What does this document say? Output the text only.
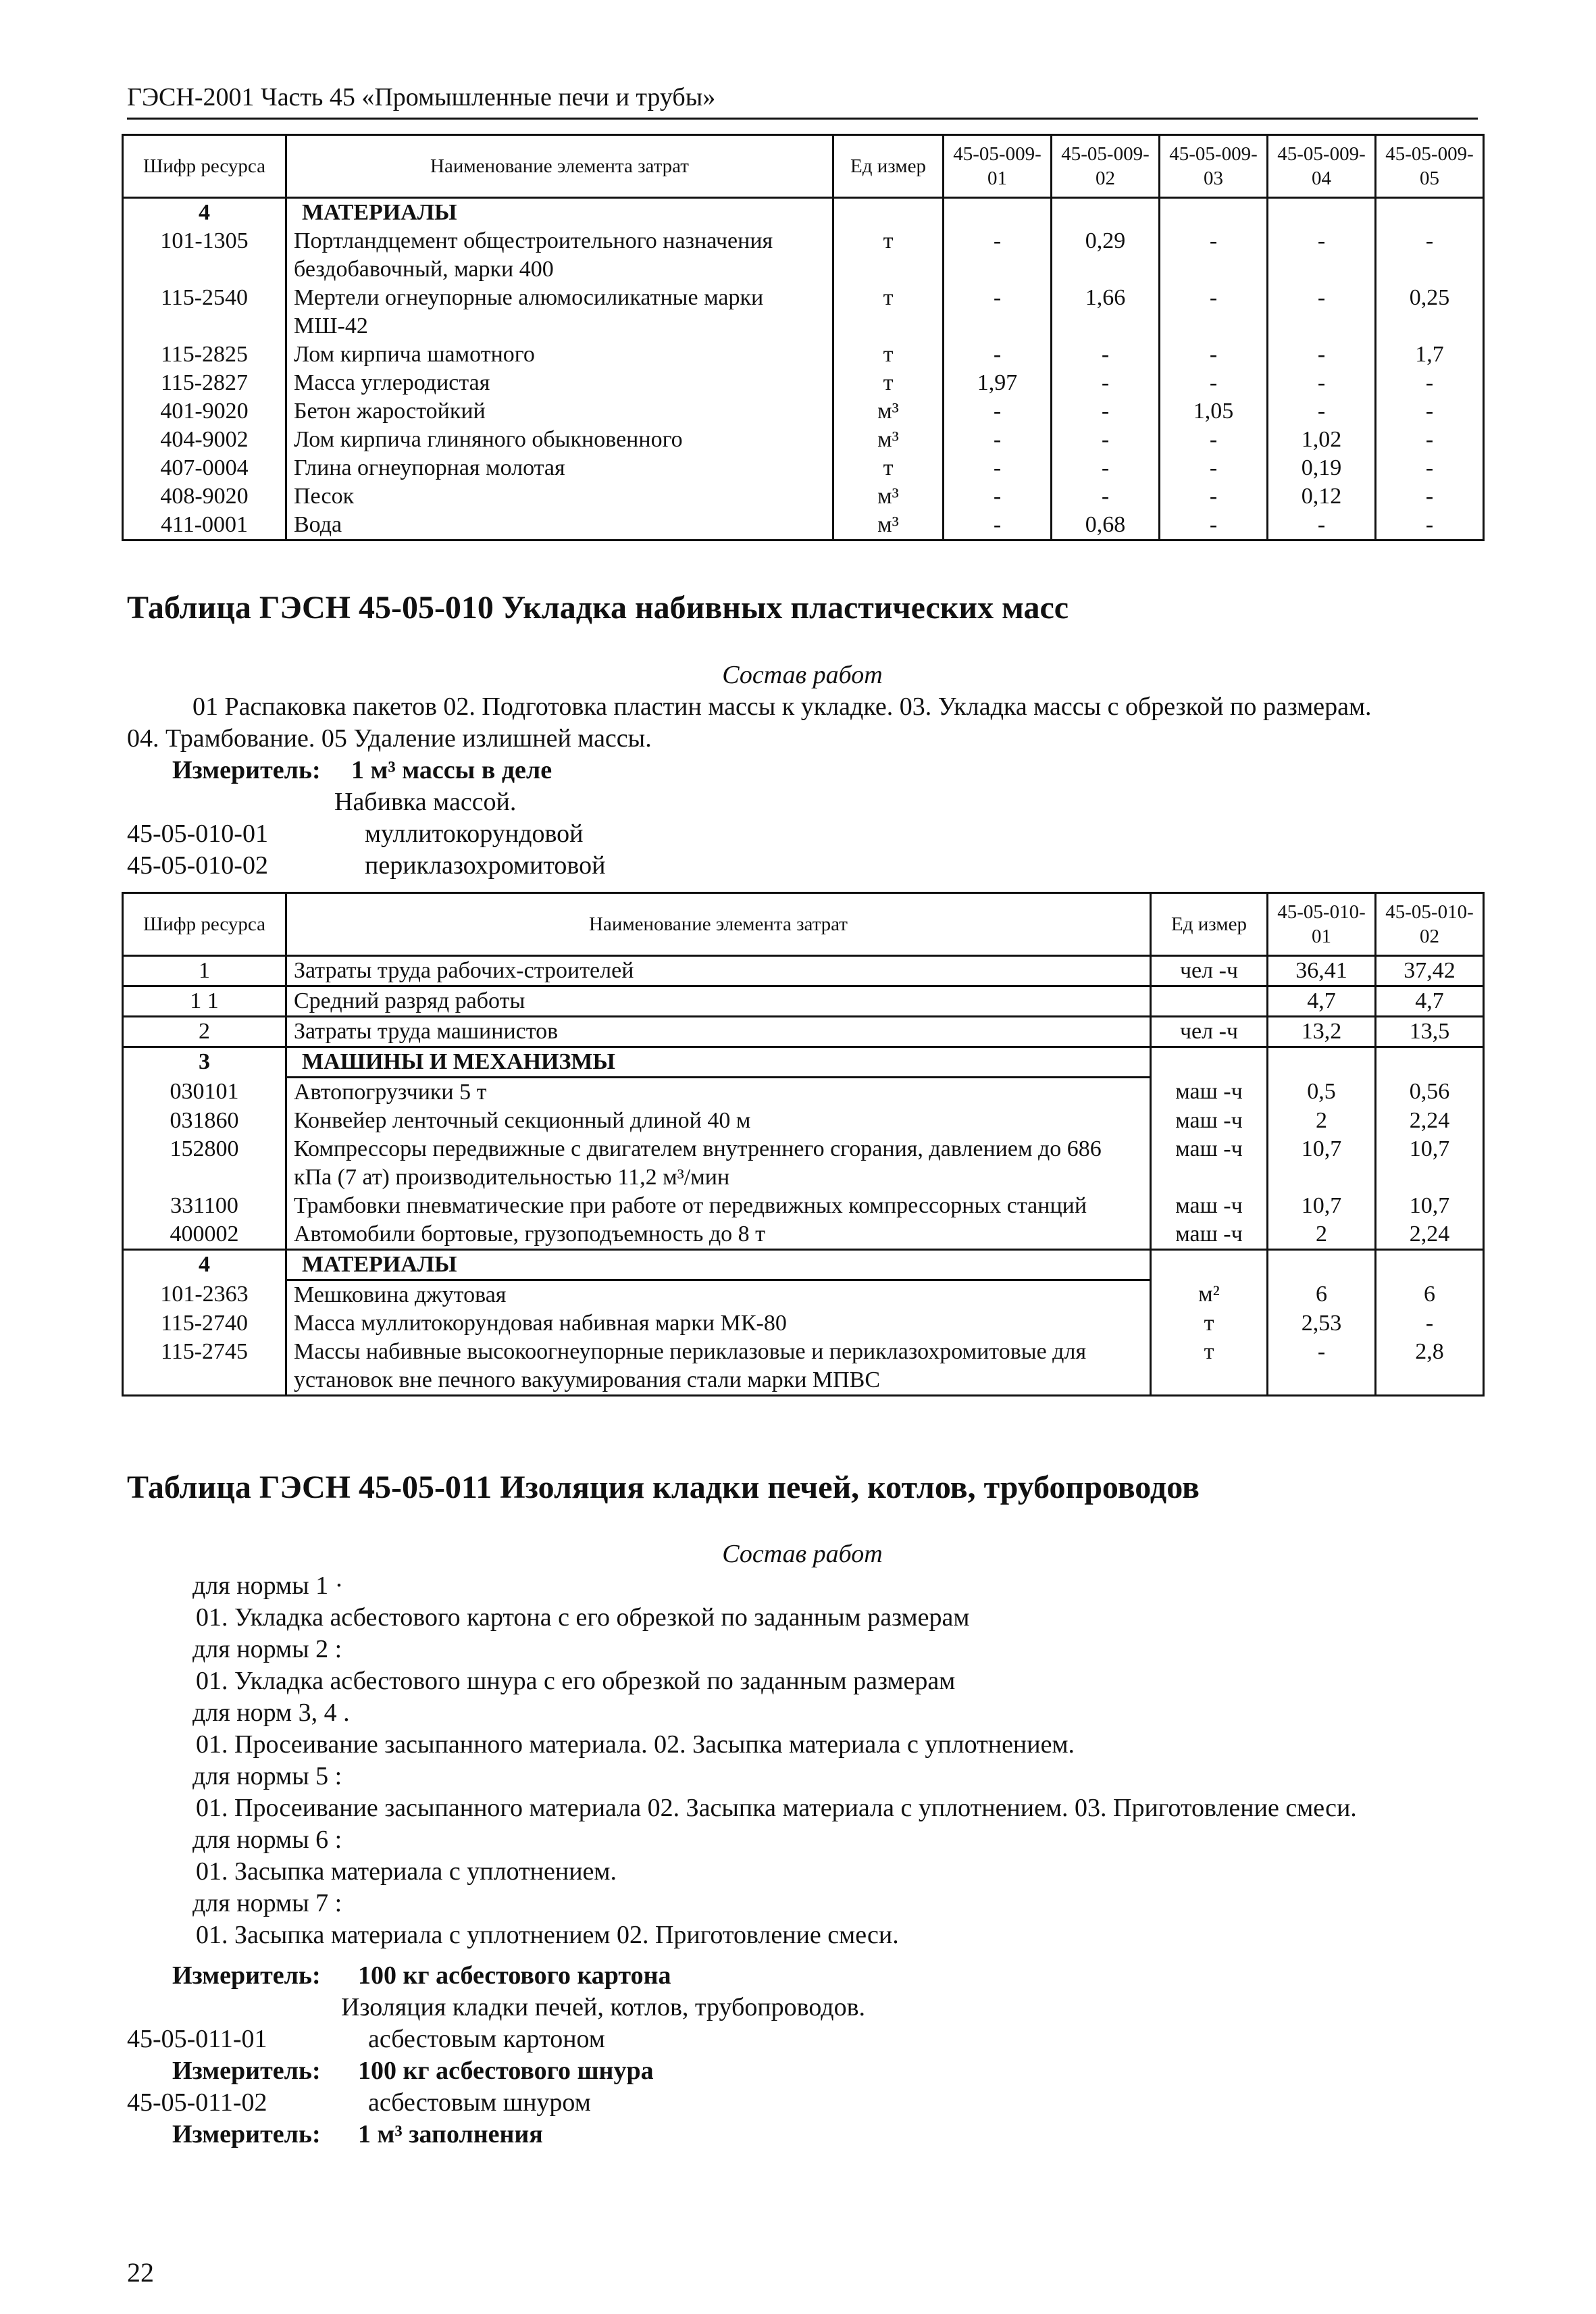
ГЭСН-2001 Часть 45 «Промышленные печи и трубы»
Шифр ресурса	Наименование элемента затрат	Ед измер	45-05-009-01	45-05-009-02	45-05-009-03	45-05-009-04	45-05-009-05
4	МАТЕРИАЛЫ						
101-1305	Портландцемент общестроительного назначения бездобавочный, марки 400	т	-	0,29	-	-	-
115-2540	Мертели огнеупорные алюмосиликатные марки МШ-42	т	-	1,66	-	-	0,25
115-2825	Лом кирпича шамотного	т	-	-	-	-	1,7
115-2827	Масса углеродистая	т	1,97	-	-	-	-
401-9020	Бетон жаростойкий	м³	-	-	1,05	-	-
404-9002	Лом кирпича глиняного обыкновенного	м³	-	-	-	1,02	-
407-0004	Глина огнеупорная молотая	т	-	-	-	0,19	-
408-9020	Песок	м³	-	-	-	0,12	-
411-0001	Вода	м³	-	0,68	-	-	-
Таблица ГЭСН 45-05-010 Укладка набивных пластических масс
Состав работ
01 Распаковка пакетов 02. Подготовка пластин массы к укладке. 03. Укладка массы с обрезкой по размерам.
04. Трамбование. 05 Удаление излишней массы.
Измеритель: 1 м³ массы в деле
Набивка массой.
45-05-010-01	муллитокорундовой
45-05-010-02	периклазохромитовой
Шифр ресурса	Наименование элемента затрат	Ед измер	45-05-010-01	45-05-010-02
1	Затраты труда рабочих-строителей	чел -ч	36,41	37,42
1 1	Средний разряд работы		4,7	4,7
2	Затраты труда машинистов	чел -ч	13,2	13,5
3	МАШИНЫ И МЕХАНИЗМЫ			
030101	Автопогрузчики 5 т	маш -ч	0,5	0,56
031860	Конвейер ленточный секционный длиной 40 м	маш -ч	2	2,24
152800	Компрессоры передвижные с двигателем внутреннего сгорания, давлением до 686 кПа (7 ат) производительностью 11,2 м³/мин	маш -ч	10,7	10,7
331100	Трамбовки пневматические при работе от передвижных компрессорных станций	маш -ч	10,7	10,7
400002	Автомобили бортовые, грузоподъемность до 8 т	маш -ч	2	2,24
4	МАТЕРИАЛЫ			
101-2363	Мешковина джутовая	м²	6	6
115-2740	Масса муллитокорундовая набивная марки МК-80	т	2,53	-
115-2745	Массы набивные высокоогнеупорные периклазовые и периклазохромитовые для установок вне печного вакуумирования стали марки МПВС	т	-	2,8
Таблица ГЭСН 45-05-011 Изоляция кладки печей, котлов, трубопроводов
Состав работ
для нормы 1 ·
01. Укладка асбестового картона с его обрезкой по заданным размерам
для нормы 2 :
01. Укладка асбестового шнура с его обрезкой по заданным размерам
для норм 3, 4 .
01. Просеивание засыпанного материала. 02. Засыпка материала с уплотнением.
для нормы 5 :
01. Просеивание засыпанного материала 02. Засыпка материала с уплотнением. 03. Приготовление смеси.
для нормы 6 :
01. Засыпка материала с уплотнением.
для нормы 7 :
01. Засыпка материала с уплотнением 02. Приготовление смеси.
Измеритель: 100 кг асбестового картона
Изоляция кладки печей, котлов, трубопроводов.
45-05-011-01	асбестовым картоном
Измеритель: 100 кг асбестового шнура
45-05-011-02	асбестовым шнуром
Измеритель: 1 м³ заполнения
22
